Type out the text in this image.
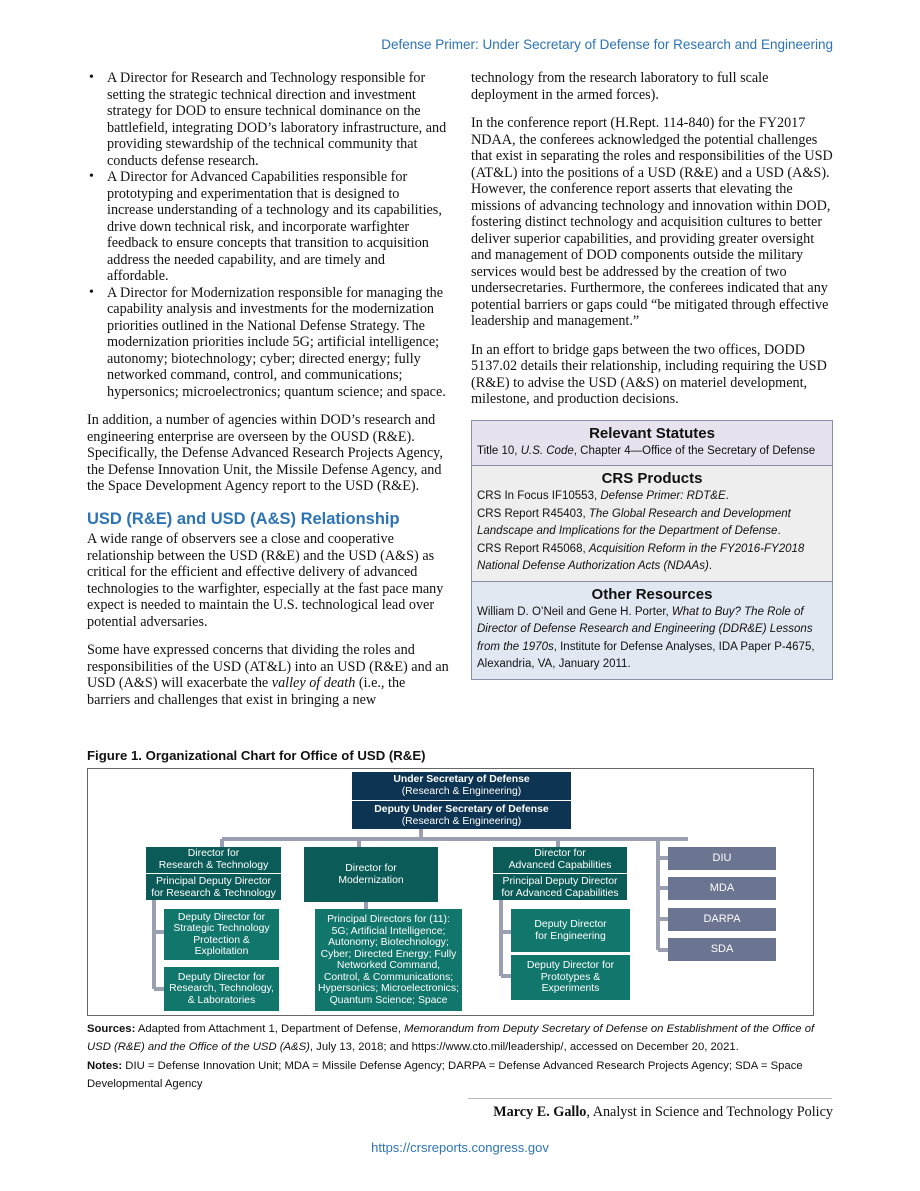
Defense Primer: Under Secretary of Defense for Research and Engineering
• A Director for Research and Technology responsible for setting the strategic technical direction and investment strategy for DOD to ensure technical dominance on the battlefield, integrating DOD’s laboratory infrastructure, and providing stewardship of the technical community that conducts defense research.
• A Director for Advanced Capabilities responsible for prototyping and experimentation that is designed to increase understanding of a technology and its capabilities, drive down technical risk, and incorporate warfighter feedback to ensure concepts that transition to acquisition address the needed capability, and are timely and affordable.
• A Director for Modernization responsible for managing the capability analysis and investments for the modernization priorities outlined in the National Defense Strategy. The modernization priorities include 5G; artificial intelligence; autonomy; biotechnology; cyber; directed energy; fully networked command, control, and communications; hypersonics; microelectronics; quantum science; and space.

In addition, a number of agencies within DOD’s research and engineering enterprise are overseen by the OUSD (R&E). Specifically, the Defense Advanced Research Projects Agency, the Defense Innovation Unit, the Missile Defense Agency, and the Space Development Agency report to the USD (R&E).

USD (R&E) and USD (A&S) Relationship

A wide range of observers see a close and cooperative relationship between the USD (R&E) and the USD (A&S) as critical for the efficient and effective delivery of advanced technologies to the warfighter, especially at the fast pace many expect is needed to maintain the U.S. technological lead over potential adversaries.

Some have expressed concerns that dividing the roles and responsibilities of the USD (AT&L) into an USD (R&E) and an USD (A&S) will exacerbate the valley of death (i.e., the barriers and challenges that exist in bringing a new

technology from the research laboratory to full scale deployment in the armed forces).

In the conference report (H.Rept. 114-840) for the FY2017 NDAA, the conferees acknowledged the potential challenges that exist in separating the roles and responsibilities of the USD (AT&L) into the positions of a USD (R&E) and a USD (A&S). However, the conference report asserts that elevating the missions of advancing technology and innovation within DOD, fostering distinct technology and acquisition cultures to better deliver superior capabilities, and providing greater oversight and management of DOD components outside the military services would best be addressed by the creation of two undersecretaries. Furthermore, the conferees indicated that any potential barriers or gaps could “be mitigated through effective leadership and management.”

In an effort to bridge gaps between the two offices, DODD 5137.02 details their relationship, including requiring the USD (R&E) to advise the USD (A&S) on materiel development, milestone, and production decisions.

Relevant Statutes
Title 10, U.S. Code, Chapter 4—Office of the Secretary of Defense
CRS Products
CRS In Focus IF10553, Defense Primer: RDT&E.
CRS Report R45403, The Global Research and Development Landscape and Implications for the Department of Defense.
CRS Report R45068, Acquisition Reform in the FY2016-FY2018 National Defense Authorization Acts (NDAAs).
Other Resources
William D. O’Neil and Gene H. Porter, What to Buy? The Role of Director of Defense Research and Engineering (DDR&E) Lessons from the 1970s, Institute for Defense Analyses, IDA Paper P-4675, Alexandria, VA, January 2011.
Figure 1. Organizational Chart for Office of USD (R&E)
Under Secretary of Defense
(Research & Engineering)
Deputy Under Secretary of Defense
(Research & Engineering)
Director for
Research & Technology
Principal Deputy Director
for Research & Technology
Director for
Modernization
Director for
Advanced Capabilities
Principal Deputy Director
for Advanced Capabilities
Deputy Director for
Strategic Technology
Protection &
Exploitation
Deputy Director for
Research, Technology,
& Laboratories
Principal Directors for (11):
5G; Artificial Intelligence;
Autonomy; Biotechnology;
Cyber; Directed Energy; Fully
Networked Command,
Control, & Communications;
Hypersonics; Microelectronics;
Quantum Science; Space
Deputy Director
for Engineering
Deputy Director for
Prototypes &
Experiments
DIU
MDA
DARPA
SDA
Sources: Adapted from Attachment 1, Department of Defense, Memorandum from Deputy Secretary of Defense on Establishment of the Office of USD (R&E) and the Office of the USD (A&S), July 13, 2018; and https://www.cto.mil/leadership/, accessed on December 20, 2021.
Notes: DIU = Defense Innovation Unit; MDA = Missile Defense Agency; DARPA = Defense Advanced Research Projects Agency; SDA = Space Developmental Agency
Marcy E. Gallo, Analyst in Science and Technology Policy
https://crsreports.congress.gov
